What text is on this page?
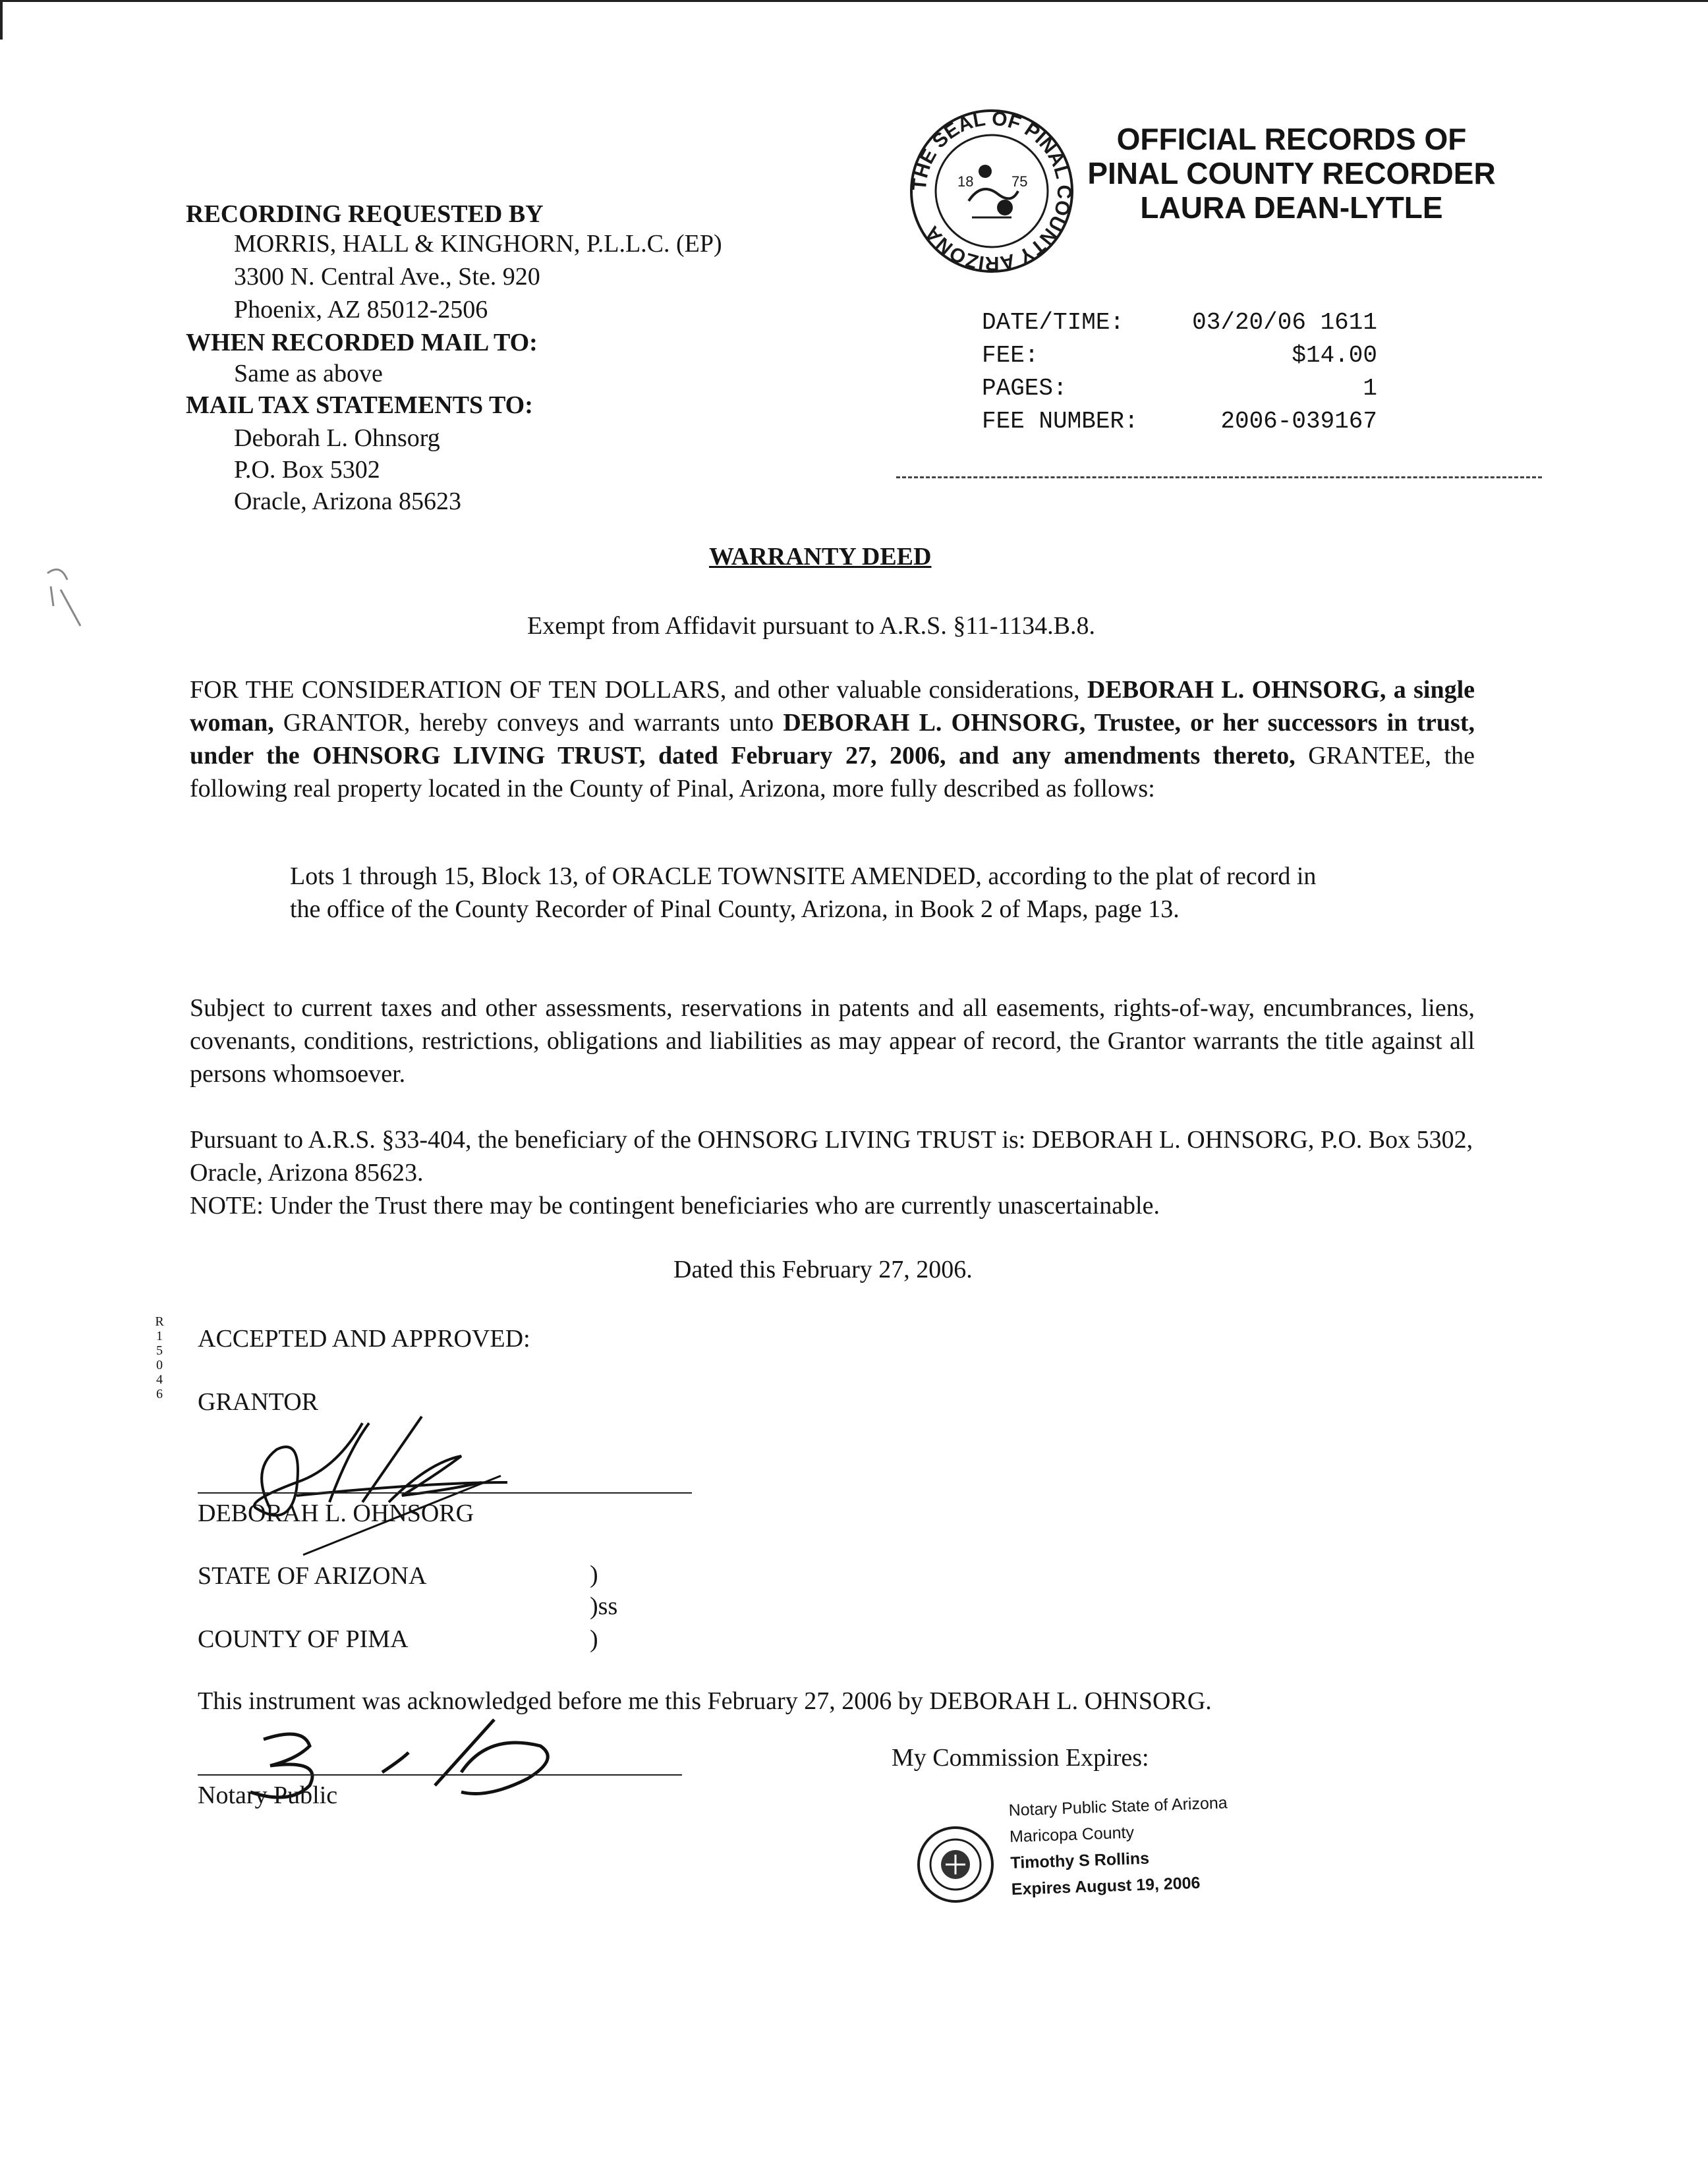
THE SEAL OF PINAL COUNTY ARIZONA
18	75
OFFICIAL RECORDS OF
PINAL COUNTY RECORDER
LAURA DEAN-LYTLE
DATE/TIME:	03/20/06 1611
FEE:	$14.00
PAGES:	1
FEE NUMBER:	2006-039167
RECORDING REQUESTED BY
MORRIS, HALL & KINGHORN, P.L.L.C. (EP)
3300 N. Central Ave., Ste. 920
Phoenix, AZ 85012-2506
WHEN RECORDED MAIL TO:
Same as above
MAIL TAX STATEMENTS TO:
Deborah L. Ohnsorg
P.O. Box 5302
Oracle, Arizona 85623
WARRANTY DEED
Exempt from Affidavit pursuant to A.R.S. §11-1134.B.8.
FOR THE CONSIDERATION OF TEN DOLLARS, and other valuable considerations, DEBORAH L. OHNSORG, a single woman, GRANTOR, hereby conveys and warrants unto DEBORAH L. OHNSORG, Trustee, or her successors in trust, under the OHNSORG LIVING TRUST, dated February 27, 2006, and any amendments thereto, GRANTEE, the following real property located in the County of Pinal, Arizona, more fully described as follows:
Lots 1 through 15, Block 13, of ORACLE TOWNSITE AMENDED, according to the plat of record in the office of the County Recorder of Pinal County, Arizona, in Book 2 of Maps, page 13.
Subject to current taxes and other assessments, reservations in patents and all easements, rights-of-way, encumbrances, liens, covenants, conditions, restrictions, obligations and liabilities as may appear of record, the Grantor warrants the title against all persons whomsoever.
Pursuant to A.R.S. §33-404, the beneficiary of the OHNSORG LIVING TRUST is: DEBORAH L. OHNSORG, P.O. Box 5302, Oracle, Arizona 85623.
NOTE: Under the Trust there may be contingent beneficiaries who are currently unascertainable.
Dated this February 27, 2006.
R
1
5
0
4
6
ACCEPTED AND APPROVED:
GRANTOR
DEBORAH L. OHNSORG
STATE OF ARIZONA	)
)ss
COUNTY OF PIMA	)
This instrument was acknowledged before me this February 27, 2006 by DEBORAH L. OHNSORG.
Notary Public
My Commission Expires:
Notary Public State of Arizona
Maricopa County
Timothy S Rollins
Expires August 19, 2006
